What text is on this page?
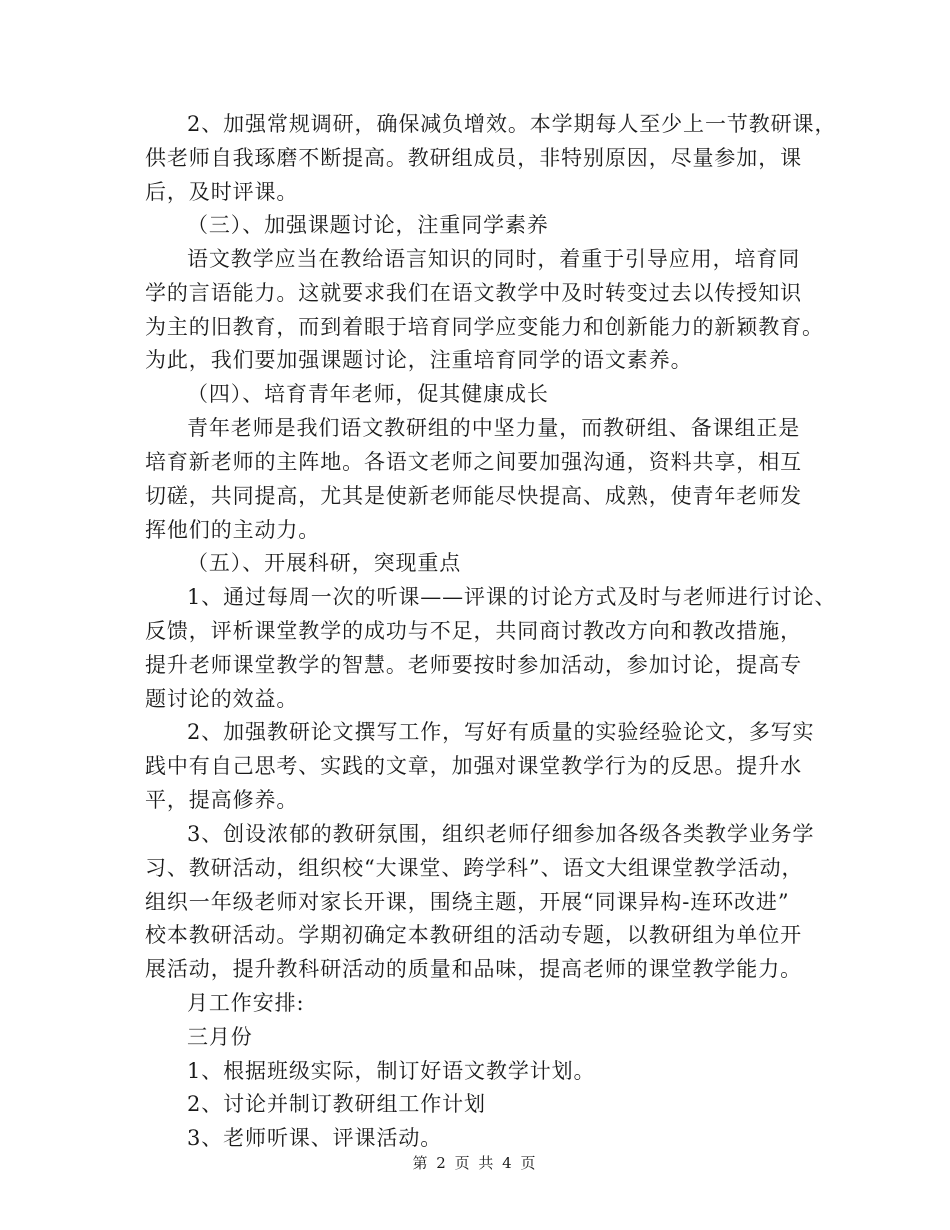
2、加强常规调研，确保减负增效。本学期每人至少上一节教研课，
供老师自我琢磨不断提高。教研组成员，非特别原因，尽量参加，课
后，及时评课。
（三）、加强课题讨论，注重同学素养
语文教学应当在教给语言知识的同时，着重于引导应用，培育同
学的言语能力。这就要求我们在语文教学中及时转变过去以传授知识
为主的旧教育，而到着眼于培育同学应变能力和创新能力的新颖教育。
为此，我们要加强课题讨论，注重培育同学的语文素养。
（四）、培育青年老师，促其健康成长
青年老师是我们语文教研组的中坚力量，而教研组、备课组正是
培育新老师的主阵地。各语文老师之间要加强沟通，资料共享，相互
切磋，共同提高，尤其是使新老师能尽快提高、成熟，使青年老师发
挥他们的主动力。
（五）、开展科研，突现重点
1、通过每周一次的听课——评课的讨论方式及时与老师进行讨论、
反馈，评析课堂教学的成功与不足，共同商讨教改方向和教改措施，
提升老师课堂教学的智慧。老师要按时参加活动，参加讨论，提高专
题讨论的效益。
2、加强教研论文撰写工作，写好有质量的实验经验论文，多写实
践中有自己思考、实践的文章，加强对课堂教学行为的反思。提升水
平，提高修养。
3、创设浓郁的教研氛围，组织老师仔细参加各级各类教学业务学
习、教研活动，组织校“大课堂、跨学科”、语文大组课堂教学活动，
组织一年级老师对家长开课，围绕主题，开展“同课异构-连环改进”
校本教研活动。学期初确定本教研组的活动专题，以教研组为单位开
展活动，提升教科研活动的质量和品味，提高老师的课堂教学能力。
月工作安排:
三月份
1、根据班级实际，制订好语文教学计划。
2、讨论并制订教研组工作计划
3、老师听课、评课活动。
第 2 页 共 4 页
